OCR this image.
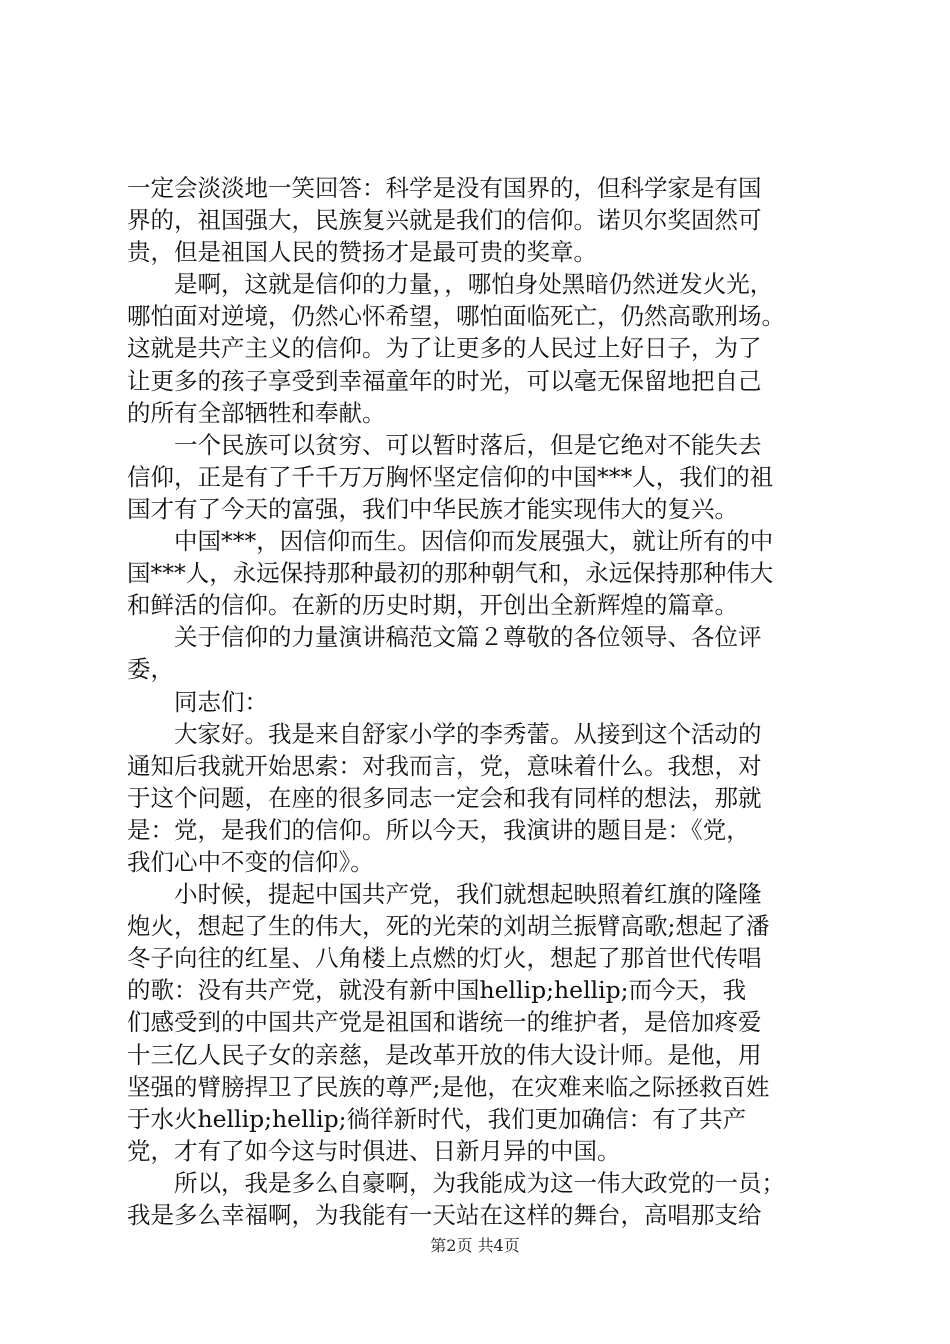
一定会淡淡地一笑回答：科学是没有国界的，但科学家是有国
界的，祖国强大，民族复兴就是我们的信仰。诺贝尔奖固然可
贵，但是祖国人民的赞扬才是最可贵的奖章。
　　是啊，这就是信仰的力量，，哪怕身处黑暗仍然迸发火光，
哪怕面对逆境，仍然心怀希望，哪怕面临死亡，仍然高歌刑场。
这就是共产主义的信仰。为了让更多的人民过上好日子，为了
让更多的孩子享受到幸福童年的时光，可以毫无保留地把自己
的所有全部牺牲和奉献。
　　一个民族可以贫穷、可以暂时落后，但是它绝对不能失去
信仰，正是有了千千万万胸怀坚定信仰的中国***人，我们的祖
国才有了今天的富强，我们中华民族才能实现伟大的复兴。
　　中国***，因信仰而生。因信仰而发展强大，就让所有的中
国***人，永远保持那种最初的那种朝气和，永远保持那种伟大
和鲜活的信仰。在新的历史时期，开创出全新辉煌的篇章。
　　关于信仰的力量演讲稿范文篇２尊敬的各位领导、各位评
委，
　　同志们：
　　大家好。我是来自舒家小学的李秀蕾。从接到这个活动的
通知后我就开始思索：对我而言，党，意味着什么。我想，对
于这个问题，在座的很多同志一定会和我有同样的想法，那就
是：党，是我们的信仰。所以今天，我演讲的题目是：《党，
我们心中不变的信仰》。
　　小时候，提起中国共产党，我们就想起映照着红旗的隆隆
炮火，想起了生的伟大，死的光荣的刘胡兰振臂高歌;想起了潘
冬子向往的红星、八角楼上点燃的灯火，想起了那首世代传唱
的歌：没有共产党，就没有新中国hellip;hellip;而今天，我
们感受到的中国共产党是祖国和谐统一的维护者，是倍加疼爱
十三亿人民子女的亲慈，是改革开放的伟大设计师。是他，用
坚强的臂膀捍卫了民族的尊严;是他，在灾难来临之际拯救百姓
于水火hellip;hellip;徜徉新时代，我们更加确信：有了共产
党，才有了如今这与时俱进、日新月异的中国。
　　所以，我是多么自豪啊，为我能成为这一伟大政党的一员；
我是多么幸福啊，为我能有一天站在这样的舞台，高唱那支给
第2页 共4页
